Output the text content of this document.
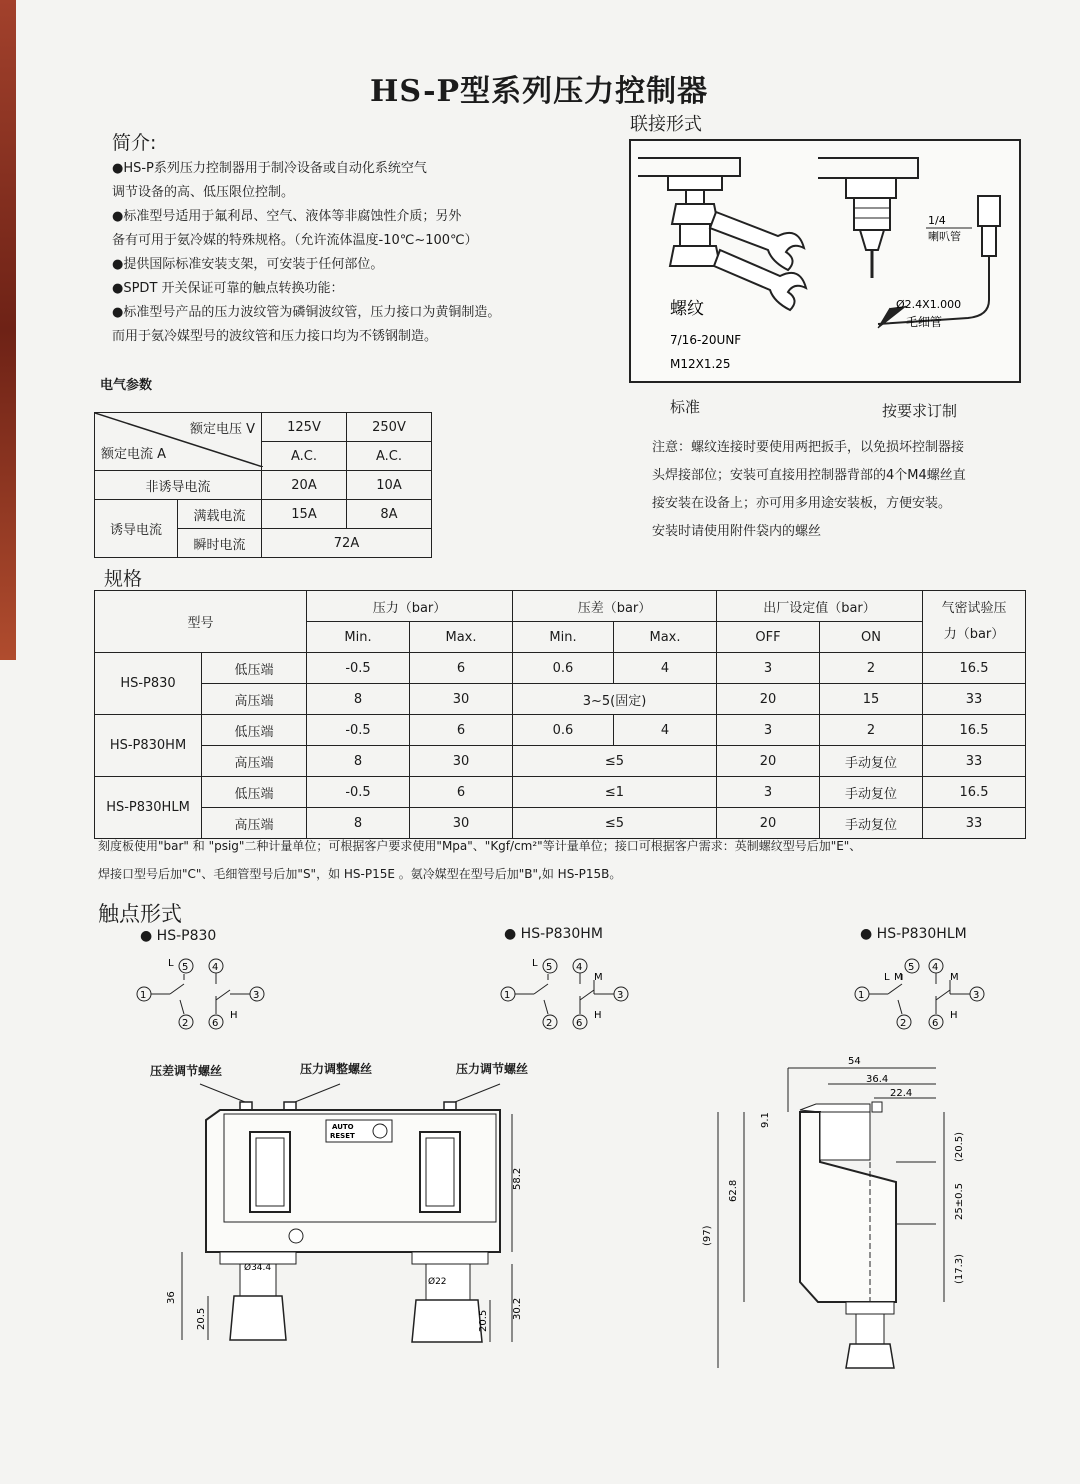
HS-P型系列压力控制器
简介:

●HS-P系列压力控制器用于制冷设备或自动化系统空气

调节设备的高、低压限位控制。

●标准型号适用于氟利昂、空气、液体等非腐蚀性介质；另外

备有可用于氨冷媒的特殊规格。（允许流体温度-10℃~100℃）

●提供国际标准安装支架，可安装于任何部位。

●SPDT 开关保证可靠的触点转换功能：

●标准型号产品的压力波纹管为磷铜波纹管，压力接口为黄铜制造。

而用于氨冷媒型号的波纹管和压力接口均为不锈钢制造。

联接形式
1/4
喇叭管
Ø2.4X1.000
毛细管
螺纹
7/16-20UNF
M12X1.25
标准	按要求订制
注意：螺纹连接时要使用两把扳手，以免损坏控制器接
头焊接部位；安装可直接用控制器背部的4个M4螺丝直
接安装在设备上；亦可用多用途安装板，方便安装。
安装时请使用附件袋内的螺丝
电气参数
额定电压 V
额定电流 A		125V	250V
		A.C.	A.C.
非诱导电流		20A	10A
诱导电流	满载电流	15A	8A
	瞬时电流	72A	
规格
型号		压力（bar）		压差（bar）		出厂设定值（bar）		气密试验压
力（bar）

		Min.	Max.	Min.	Max.	OFF	ON	
HS-P830	低压端	-0.5	6	0.6	4	3	2	16.5
	高压端	8	30	3~5(固定)		20	15	33
HS-P830HM	低压端	-0.5	6	0.6	4	3	2	16.5
	高压端	8	30	≤5		20	手动复位	33
HS-P830HLM	低压端	-0.5	6	≤1		3	手动复位	16.5
	高压端	8	30	≤5		20	手动复位	33
刻度板使用"bar" 和 "psig"二种计量单位；可根据客户要求使用"Mpa"、"Kgf/cm²"等计量单位；接口可根据客户需求：英制螺纹型号后加"E"、
焊接口型号后加"C"、毛细管型号后加"S"，如 HS-P15E 。氨冷媒型在型号后加"B",如 HS-P15B。
触点形式
● HS-P830	● HS-P830HM	● HS-P830HLM
1
5
L
2
4
3
6
H
1
5
L
2
4
M
3
6
H
1
5
L M
2
4
M
3
6
H
压差调节螺丝	压力调整螺丝	压力调节螺丝
AUTO
RESET
Ø34.4
Ø22
58.2
36
20.5	20.5
30.2
54
36.4
22.4
9.1
62.8
(97)
(20.5)
25±0.5
(17.3)
